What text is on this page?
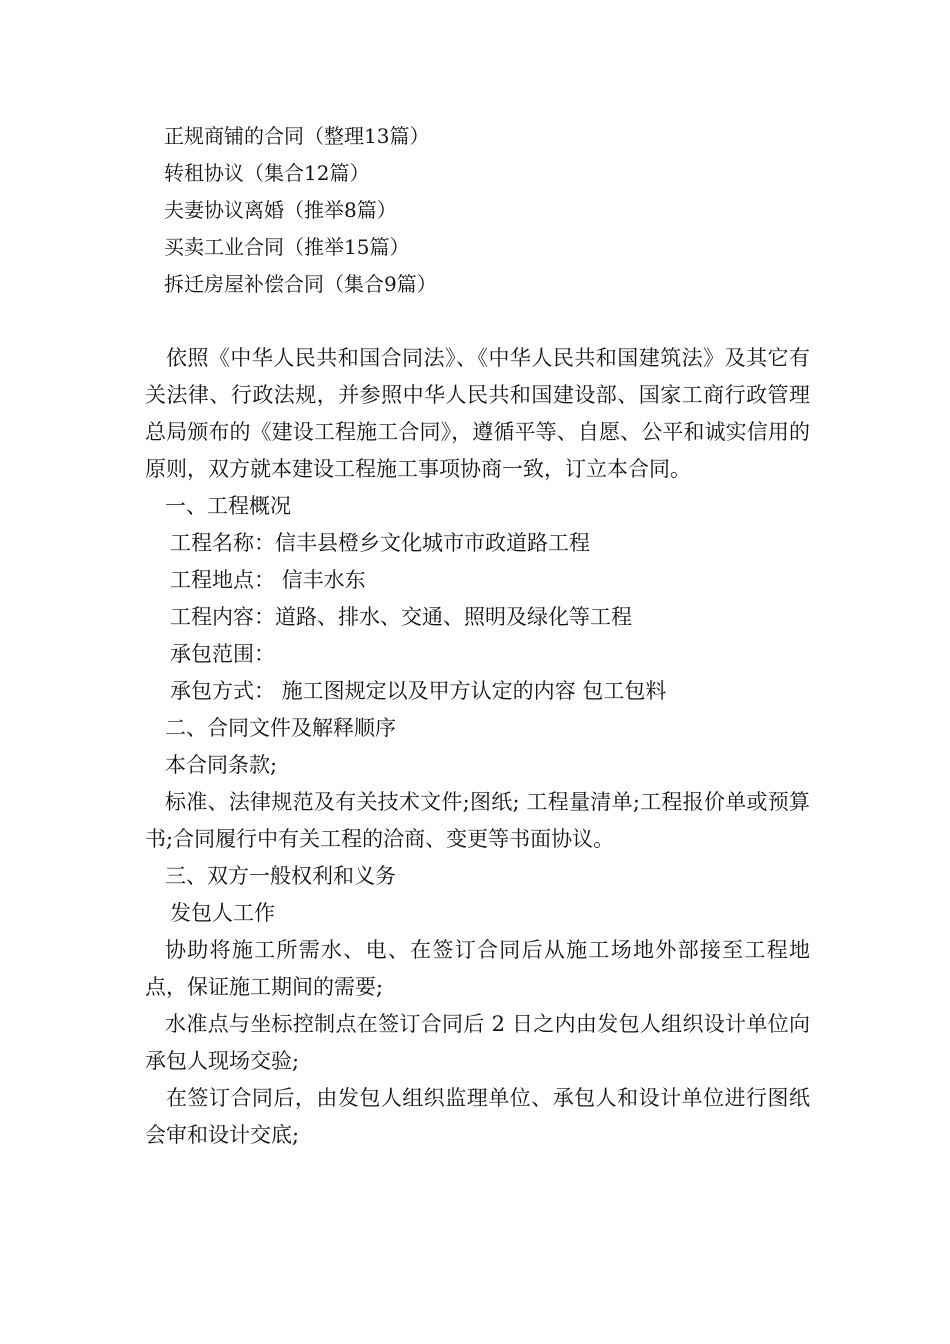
正规商铺的合同（整理13篇）
转租协议（集合12篇）
夫妻协议离婚（推举8篇）
买卖工业合同（推举15篇）
拆迁房屋补偿合同（集合9篇）

依照《中华人民共和国合同法》、《中华人民共和国建筑法》及其它有关法律、行政法规，并参照中华人民共和国建设部、国家工商行政管理总局颁布的《建设工程施工合同》，遵循平等、自愿、公平和诚实信用的原则，双方就本建设工程施工事项协商一致，订立本合同。

一、工程概况

工程名称：信丰县橙乡文化城市市政道路工程

工程地点： 信丰水东

工程内容：道路、排水、交通、照明及绿化等工程

承包范围：

承包方式： 施工图规定以及甲方认定的内容 包工包料

二、合同文件及解释顺序

本合同条款;

标准、法律规范及有关技术文件;图纸; 工程量清单;工程报价单或预算书;合同履行中有关工程的洽商、变更等书面协议。

三、双方一般权利和义务

发包人工作

协助将施工所需水、电、在签订合同后从施工场地外部接至工程地点，保证施工期间的需要;

水准点与坐标控制点在签订合同后 2 日之内由发包人组织设计单位向承包人现场交验;

在签订合同后，由发包人组织监理单位、承包人和设计单位进行图纸会审和设计交底;
